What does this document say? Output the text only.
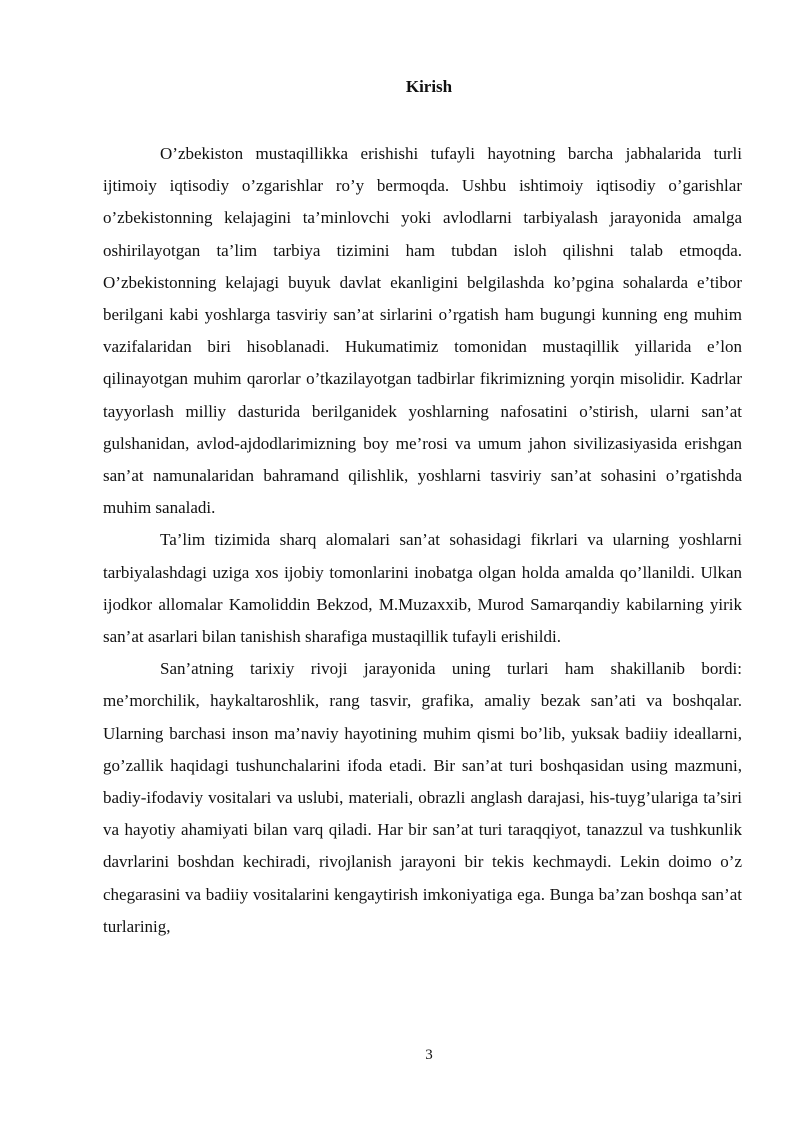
Kirish

O’zbekiston mustaqillikka erishishi tufayli hayotning barcha jabhalarida turli ijtimoiy iqtisodiy o’zgarishlar ro’y bermoqda. Ushbu ishtimoiy iqtisodiy o’garishlar o’zbekistonning kelajagini ta’minlovchi yoki avlodlarni tarbiyalash jarayonida amalga oshirilayotgan ta’lim tarbiya tizimini ham tubdan isloh qilishni talab etmoqda. O’zbekistonning kelajagi buyuk davlat ekanligini belgilashda ko’pgina sohalarda e’tibor berilgani kabi yoshlarga tasviriy san’at sirlarini o’rgatish ham bugungi kunning eng muhim vazifalaridan biri hisoblanadi. Hukumatimiz tomonidan mustaqillik yillarida e’lon qilinayotgan muhim qarorlar o’tkazilayotgan tadbirlar fikrimizning yorqin misolidir. Kadrlar tayyorlash milliy dasturida berilganidek yoshlarning nafosatini o’stirish, ularni san’at gulshanidan, avlod-ajdodlarimizning boy me’rosi va umum jahon sivilizasiyasida erishgan san’at namunalaridan bahramand qilishlik, yoshlarni tasviriy san’at sohasini o’rgatishda muhim sanaladi.

Ta’lim tizimida sharq alomalari san’at sohasidagi fikrlari va ularning yoshlarni tarbiyalashdagi uziga xos ijobiy tomonlarini inobatga olgan holda amalda qo’llanildi. Ulkan ijodkor allomalar Kamoliddin Bekzod, M.Muzaxxib, Murod Samarqandiy kabilarning yirik san’at asarlari bilan tanishish sharafiga mustaqillik tufayli erishildi.

San’atning tarixiy rivoji jarayonida uning turlari ham shakillanib bordi: me’morchilik, haykaltaroshlik, rang tasvir, grafika, amaliy bezak san’ati va boshqalar. Ularning barchasi inson ma’naviy hayotining muhim qismi bo’lib, yuksak badiiy ideallarni, go’zallik haqidagi tushunchalarini ifoda etadi. Bir san’at turi boshqasidan using mazmuni, badiy-ifodaviy vositalari va uslubi, materiali, obrazli anglash darajasi, his-tuyg’ulariga ta’siri va hayotiy ahamiyati bilan varq qiladi. Har bir san’at turi taraqqiyot, tanazzul va tushkunlik davrlarini boshdan kechiradi, rivojlanish jarayoni bir tekis kechmaydi. Lekin doimo o’z chegarasini va badiiy vositalarini kengaytirish imkoniyatiga ega. Bunga ba’zan boshqa san’at turlarinig,

3
